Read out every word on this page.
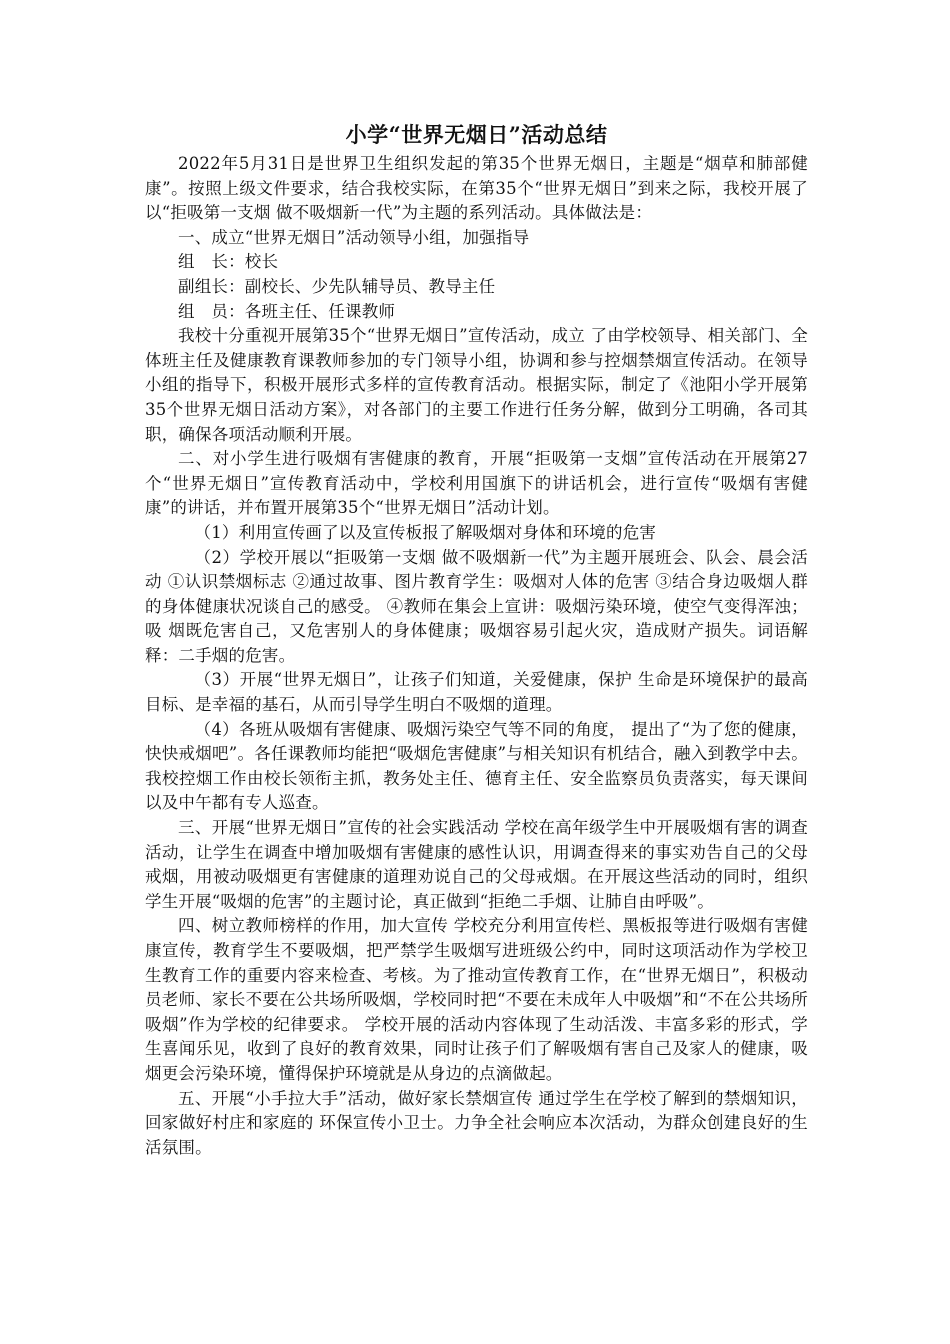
小学“世界无烟日”活动总结

2022年5月31日是世界卫生组织发起的第35个世界无烟日，主题是“烟草和肺部健康”。按照上级文件要求，结合我校实际，在第35个“世界无烟日”到来之际，我校开展了以“拒吸第一支烟 做不吸烟新一代”为主题的系列活动。具体做法是：

一、成立“世界无烟日”活动领导小组，加强指导

组　长：校长

副组长：副校长、少先队辅导员、教导主任

组　员：各班主任、任课教师

我校十分重视开展第35个“世界无烟日”宣传活动，成立 了由学校领导、相关部门、全体班主任及健康教育课教师参加的专门领导小组，协调和参与控烟禁烟宣传活动。在领导小组的指导下，积极开展形式多样的宣传教育活动。根据实际，制定了《池阳小学开展第35个世界无烟日活动方案》，对各部门的主要工作进行任务分解，做到分工明确，各司其职，确保各项活动顺利开展。

二、对小学生进行吸烟有害健康的教育，开展“拒吸第一支烟”宣传活动在开展第27个“世界无烟日”宣传教育活动中，学校利用国旗下的讲话机会，进行宣传“吸烟有害健康”的讲话，并布置开展第35个“世界无烟日”活动计划。

（1）利用宣传画了以及宣传板报了解吸烟对身体和环境的危害

（2）学校开展以“拒吸第一支烟 做不吸烟新一代”为主题开展班会、队会、晨会活动 ①认识禁烟标志 ②通过故事、图片教育学生：吸烟对人体的危害 ③结合身边吸烟人群的身体健康状况谈自己的感受。 ④教师在集会上宣讲：吸烟污染环境，使空气变得浑浊；吸 烟既危害自己，又危害别人的身体健康；吸烟容易引起火灾，造成财产损失。词语解释：二手烟的危害。

（3）开展“世界无烟日”，让孩子们知道，关爱健康，保护 生命是环境保护的最高目标、是幸福的基石，从而引导学生明白不吸烟的道理。

（4）各班从吸烟有害健康、吸烟污染空气等不同的角度， 提出了“为了您的健康，快快戒烟吧”。各任课教师均能把“吸烟危害健康”与相关知识有机结合，融入到教学中去。我校控烟工作由校长领衔主抓，教务处主任、德育主任、安全监察员负责落实，每天课间以及中午都有专人巡查。

三、开展“世界无烟日”宣传的社会实践活动 学校在高年级学生中开展吸烟有害的调查活动，让学生在调查中增加吸烟有害健康的感性认识，用调查得来的事实劝告自己的父母戒烟，用被动吸烟更有害健康的道理劝说自己的父母戒烟。在开展这些活动的同时，组织学生开展“吸烟的危害”的主题讨论，真正做到“拒绝二手烟、让肺自由呼吸”。

四、树立教师榜样的作用，加大宣传 学校充分利用宣传栏、黑板报等进行吸烟有害健康宣传，教育学生不要吸烟，把严禁学生吸烟写进班级公约中，同时这项活动作为学校卫生教育工作的重要内容来检查、考核。为了推动宣传教育工作，在“世界无烟日”，积极动员老师、家长不要在公共场所吸烟，学校同时把“不要在未成年人中吸烟”和“不在公共场所吸烟”作为学校的纪律要求。 学校开展的活动内容体现了生动活泼、丰富多彩的形式，学 生喜闻乐见，收到了良好的教育效果，同时让孩子们了解吸烟有害自己及家人的健康，吸烟更会污染环境，懂得保护环境就是从身边的点滴做起。

五、开展“小手拉大手”活动，做好家长禁烟宣传 通过学生在学校了解到的禁烟知识，回家做好村庄和家庭的 环保宣传小卫士。力争全社会响应本次活动，为群众创建良好的生活氛围。
